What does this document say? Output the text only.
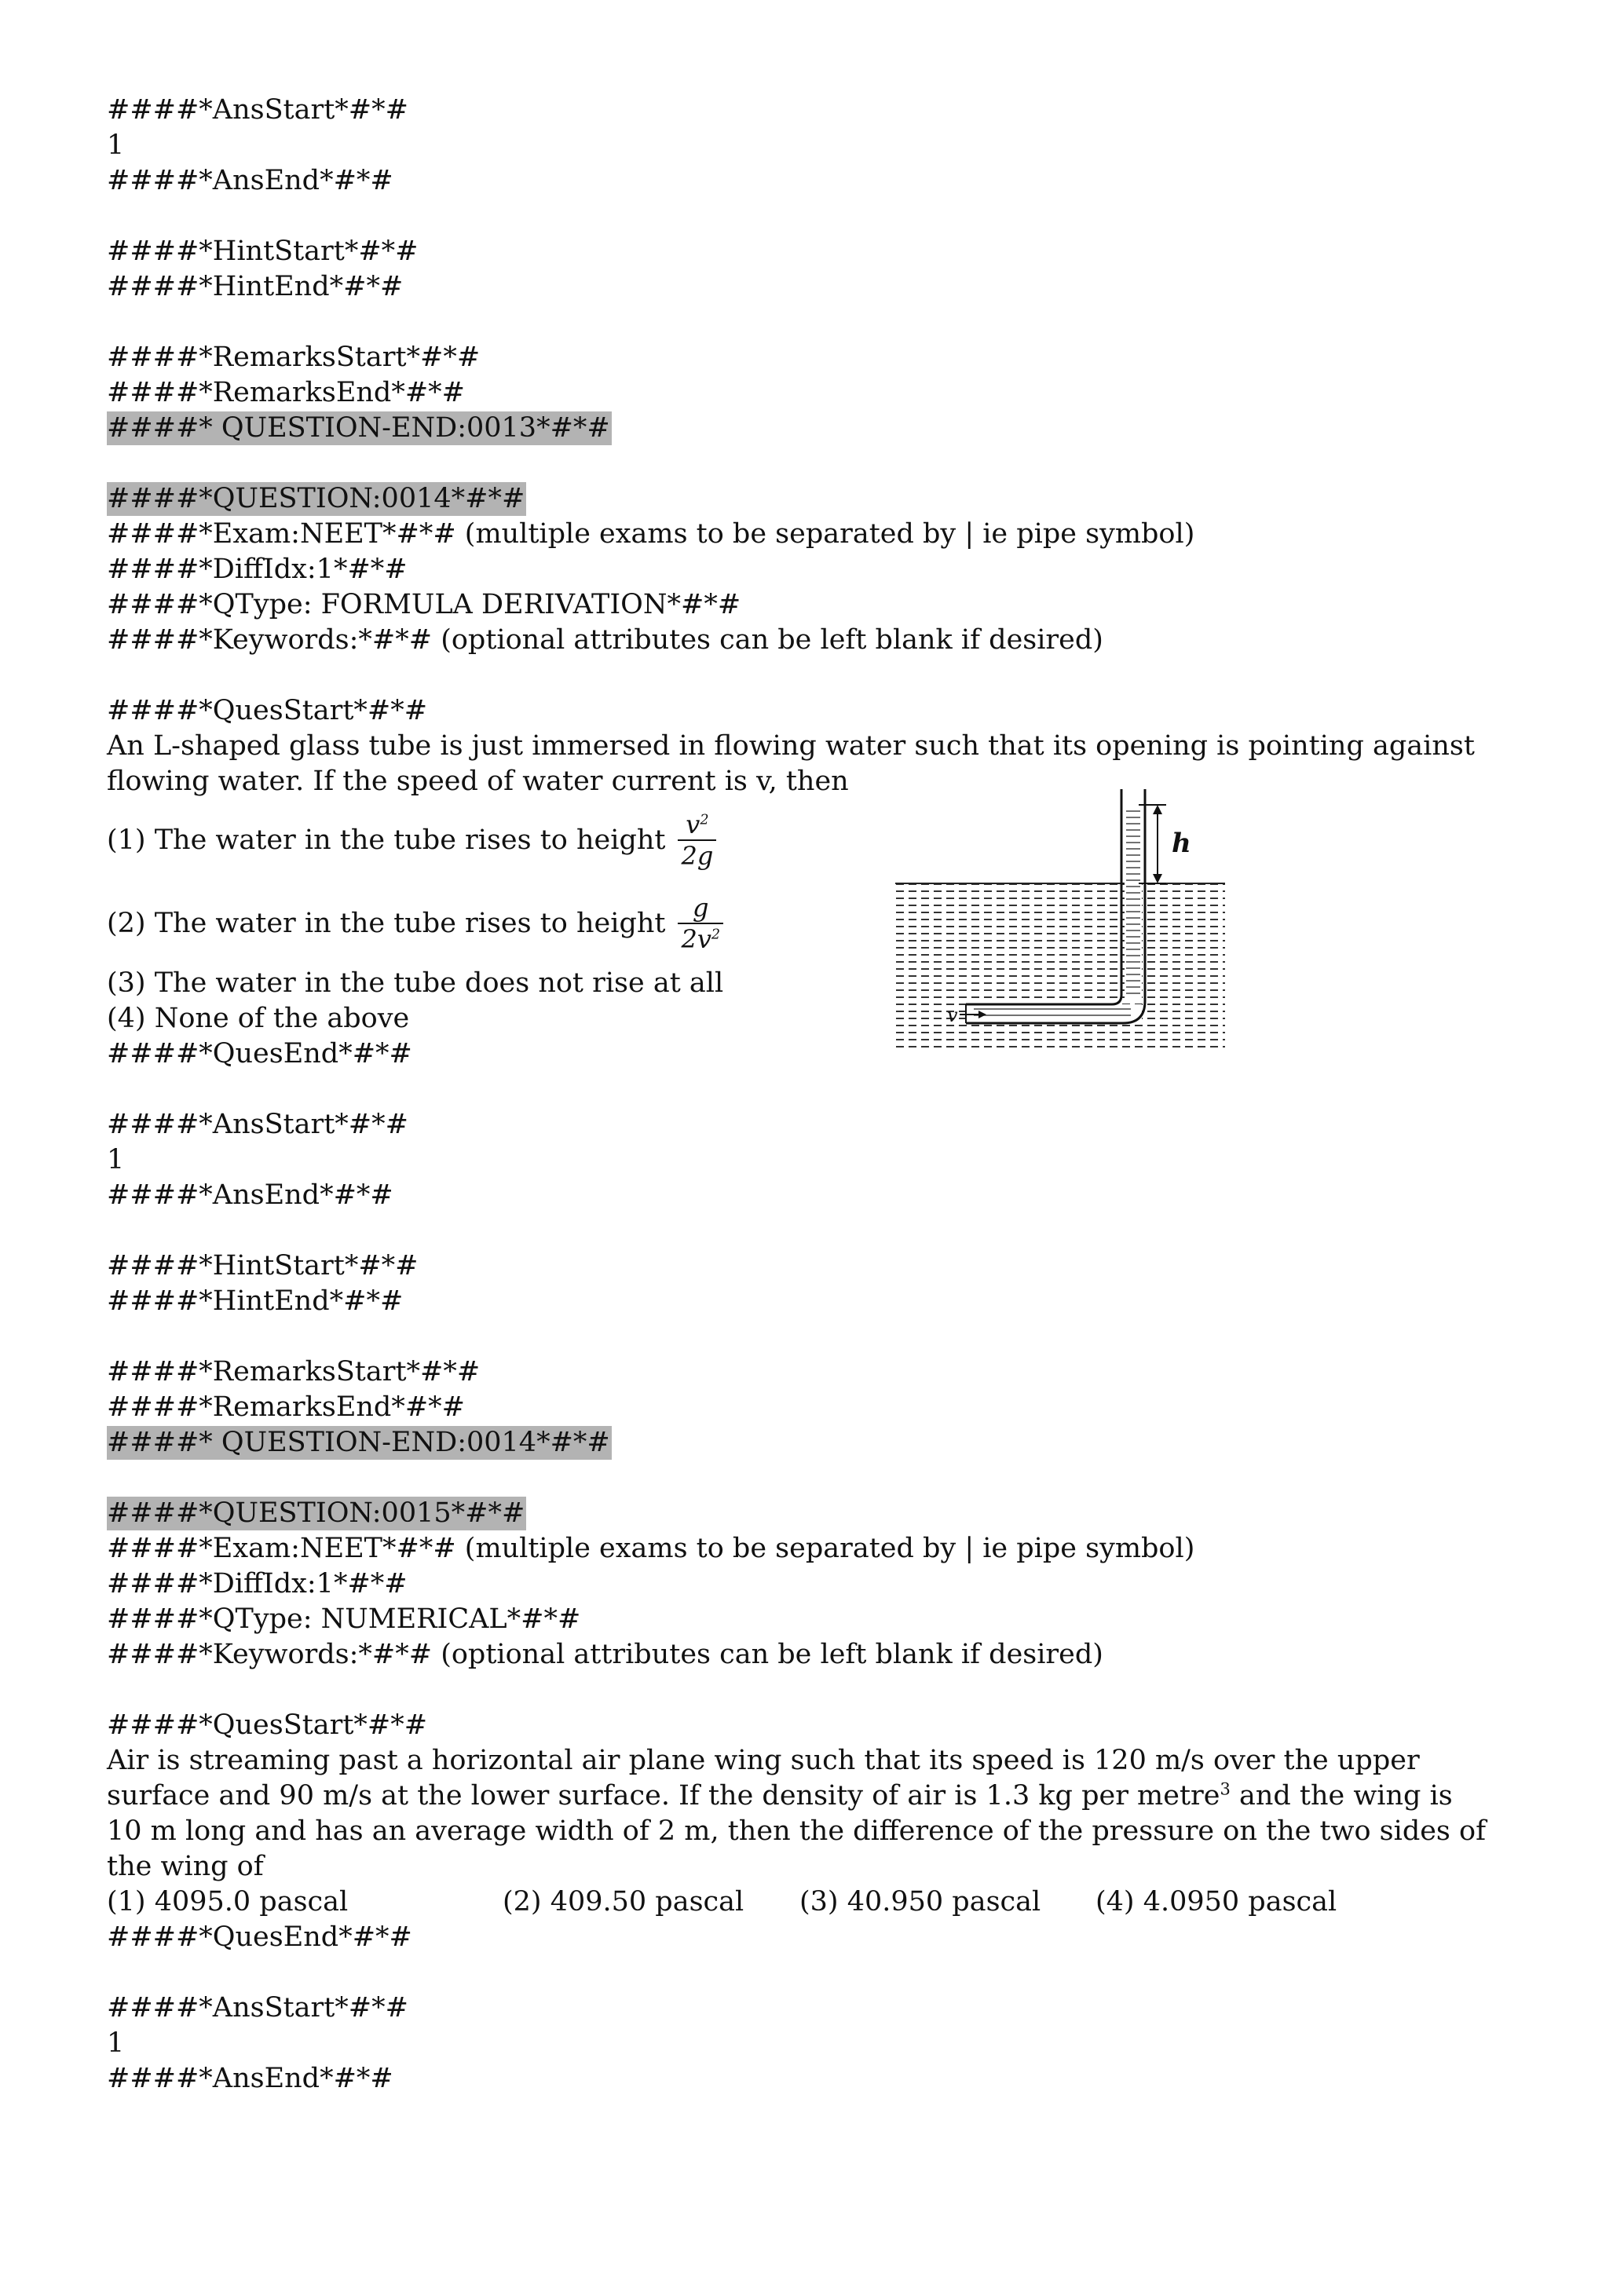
####*AnsStart*#*#
1
####*AnsEnd*#*#
####*HintStart*#*#
####*HintEnd*#*#
####*RemarksStart*#*#
####*RemarksEnd*#*#
####* QUESTION-END:0013*#*#
####*QUESTION:0014*#*#
####*Exam:NEET*#*# (multiple exams to be separated by | ie pipe symbol)
####*DiffIdx:1*#*#
####*QType: FORMULA DERIVATION*#*#
####*Keywords:*#*# (optional attributes can be left blank if desired)
####*QuesStart*#*#
An L-shaped glass tube is just immersed in flowing water such that its opening is pointing against flowing water. If the speed of water current is v, then
(1) The water in the tube rises to height $\frac{v^2}{2g}$
(2) The water in the tube rises to height $\frac{g}{2v^2}$
(3) The water in the tube does not rise at all
(4) None of the above
####*QuesEnd*#*#
####*AnsStart*#*#
1
####*AnsEnd*#*#
####*HintStart*#*#
####*HintEnd*#*#
####*RemarksStart*#*#
####*RemarksEnd*#*#
####* QUESTION-END:0014*#*#
####*QUESTION:0015*#*#
####*Exam:NEET*#*# (multiple exams to be separated by | ie pipe symbol)
####*DiffIdx:1*#*#
####*QType: NUMERICAL*#*#
####*Keywords:*#*# (optional attributes can be left blank if desired)
####*QuesStart*#*#
Air is streaming past a horizontal air plane wing such that its speed is 120 m/s over the upper surface and 90 m/s at the lower surface. If the density of air is 1.3 kg per metre$^3$ and the wing is 10 m long and has an average width of 2 m, then the difference of the pressure on the two sides of the wing of
(1) 4095.0 pascal	(2) 409.50 pascal	(3) 40.950 pascal	(4) 4.0950 pascal
####*QuesEnd*#*#
####*AnsStart*#*#
1
####*AnsEnd*#*#
h
v
